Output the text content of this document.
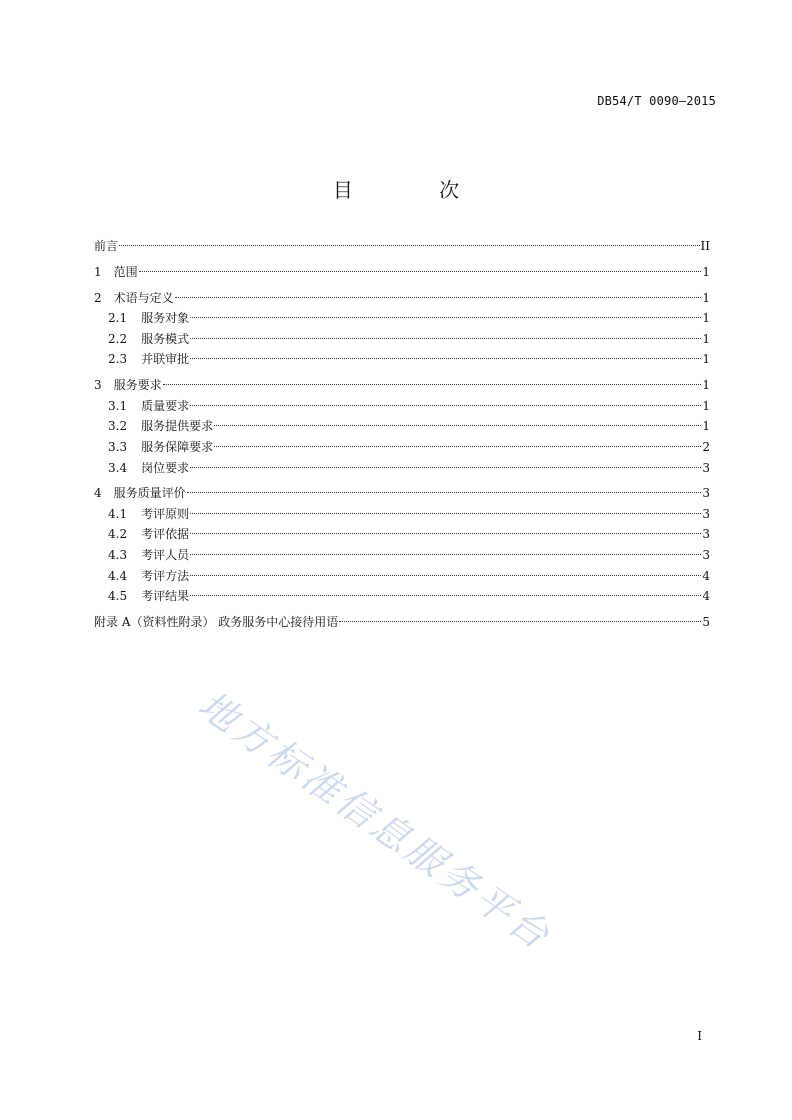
DB54/T 0090—2015
目 次
前言	II
1 范围	1
2 术语与定义	1
2.1 服务对象	1
2.2 服务模式	1
2.3 并联审批	1
3 服务要求	1
3.1 质量要求	1
3.2 服务提供要求	1
3.3 服务保障要求	2
3.4 岗位要求	3
4 服务质量评价	3
4.1 考评原则	3
4.2 考评依据	3
4.3 考评人员	3
4.4 考评方法	4
4.5 考评结果	4
附录 A（资料性附录） 政务服务中心接待用语	5
地方标准信息服务平台
I
